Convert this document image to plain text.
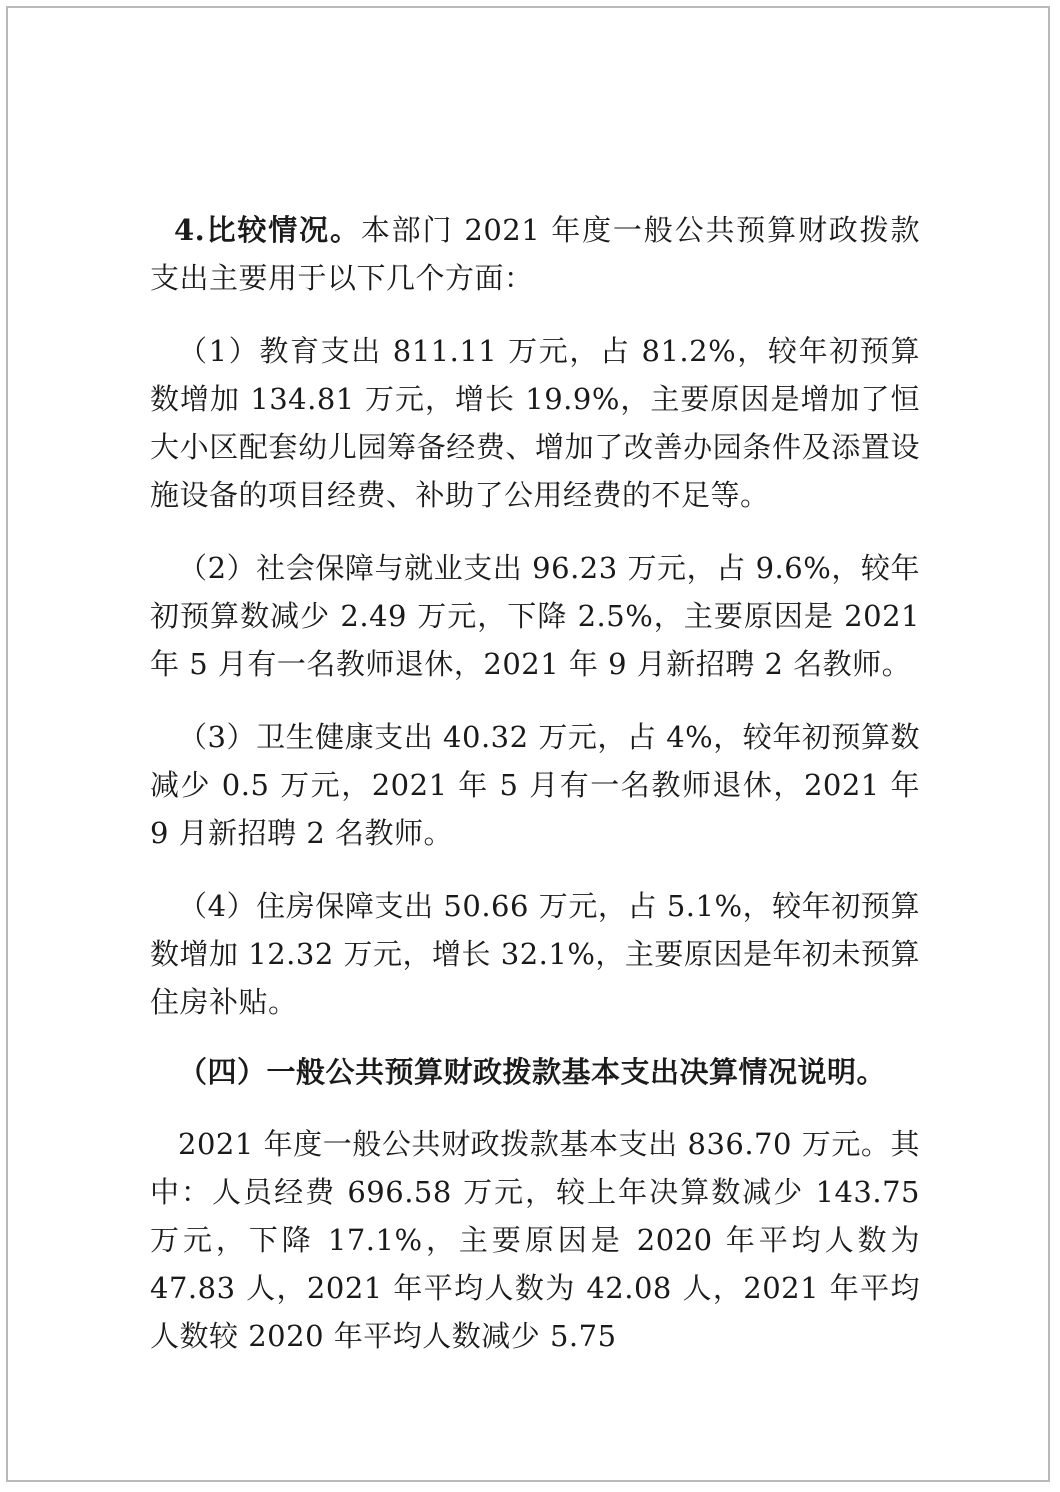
4.比较情况。本部门 2021 年度一般公共预算财政拨款支出主要用于以下几个方面：

（1）教育支出 811.11 万元，占 81.2%，较年初预算数增加 134.81 万元，增长 19.9%，主要原因是增加了恒大小区配套幼儿园筹备经费、增加了改善办园条件及添置设施设备的项目经费、补助了公用经费的不足等。

（2）社会保障与就业支出 96.23 万元，占 9.6%，较年初预算数减少 2.49 万元，下降 2.5%，主要原因是 2021 年 5 月有一名教师退休，2021 年 9 月新招聘 2 名教师。

（3）卫生健康支出 40.32 万元，占 4%，较年初预算数减少 0.5 万元，2021 年 5 月有一名教师退休，2021 年 9 月新招聘 2 名教师。

（4）住房保障支出 50.66 万元，占 5.1%，较年初预算数增加 12.32 万元，增长 32.1%，主要原因是年初未预算住房补贴。

（四）一般公共预算财政拨款基本支出决算情况说明。

2021 年度一般公共财政拨款基本支出 836.70 万元。其中：人员经费 696.58 万元，较上年决算数减少 143.75 万元，下降 17.1%，主要原因是 2020 年平均人数为 47.83 人，2021 年平均人数为 42.08 人，2021 年平均人数较 2020 年平均人数减少 5.75
